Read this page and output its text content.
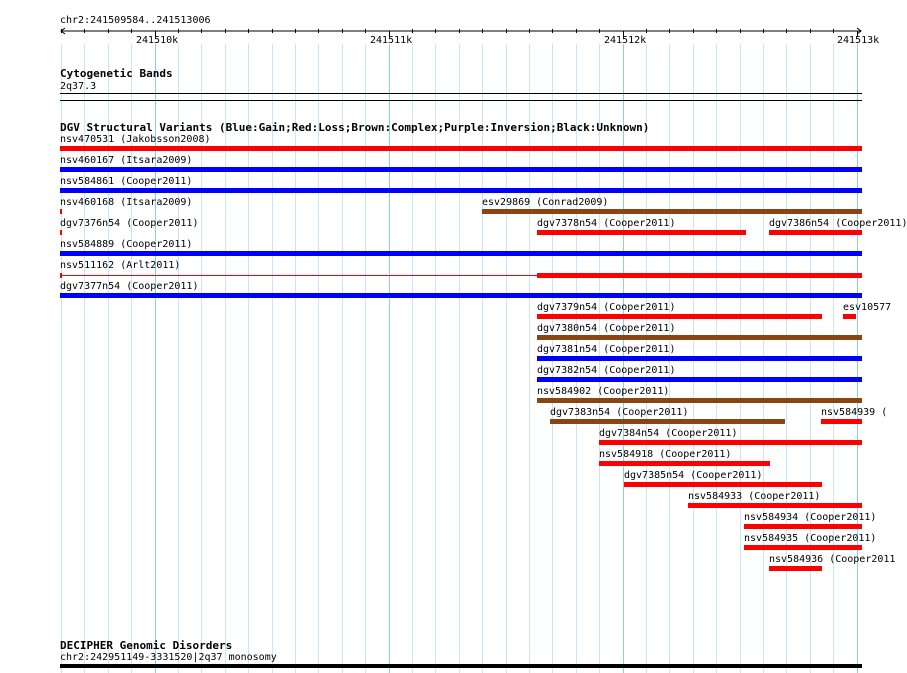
chr2:241509584..241513006
241510k	241511k	241512k	241513k
Cytogenetic Bands
2q37.3
DGV Structural Variants (Blue:Gain;Red:Loss;Brown:Complex;Purple:Inversion;Black:Unknown)
nsv470531 (Jakobsson2008)
nsv460167 (Itsara2009)
nsv584861 (Cooper2011)
nsv460168 (Itsara2009)	esv29869 (Conrad2009)
dgv7376n54 (Cooper2011)	dgv7378n54 (Cooper2011)	dgv7386n54 (Cooper2011)
nsv584889 (Cooper2011)
nsv511162 (Arlt2011)
dgv7377n54 (Cooper2011)
dgv7379n54 (Cooper2011)	esv10577
dgv7380n54 (Cooper2011)
dgv7381n54 (Cooper2011)
dgv7382n54 (Cooper2011)
nsv584902 (Cooper2011)
dgv7383n54 (Cooper2011)	nsv584939 (
dgv7384n54 (Cooper2011)
nsv584918 (Cooper2011)
dgv7385n54 (Cooper2011)
nsv584933 (Cooper2011)
nsv584934 (Cooper2011)
nsv584935 (Cooper2011)
nsv584936 (Cooper2011
DECIPHER Genomic Disorders
chr2:242951149-3331520|2q37 monosomy
